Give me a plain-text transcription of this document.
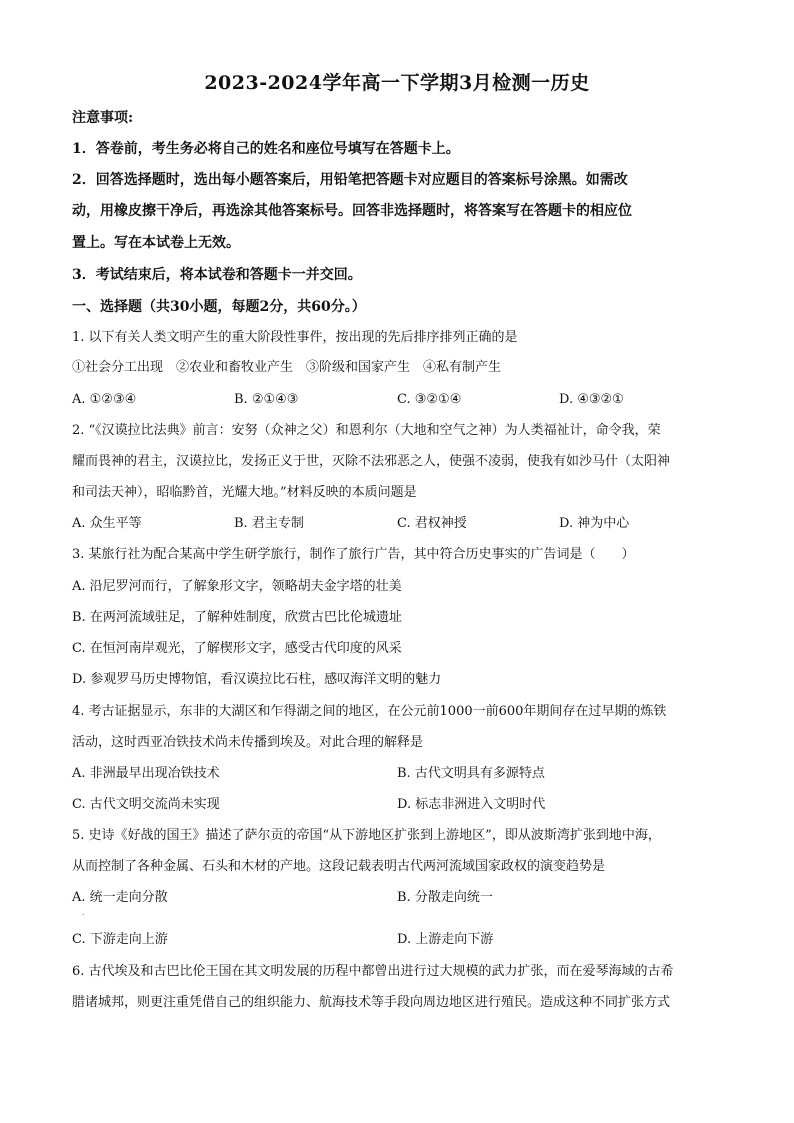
2023-2024学年高一下学期3月检测一历史
注意事项:
1．答卷前，考生务必将自己的姓名和座位号填写在答题卡上。
2．回答选择题时，选出每小题答案后，用铅笔把答题卡对应题目的答案标号涂黑。如需改
动，用橡皮擦干净后，再选涂其他答案标号。回答非选择题时，将答案写在答题卡的相应位
置上。写在本试卷上无效。
3．考试结束后，将本试卷和答题卡一并交回。
一、选择题（共30小题，每题2分，共60分。）
1. 以下有关人类文明产生的重大阶段性事件，按出现的先后排序排列正确的是
①社会分工出现　②农业和畜牧业产生　③阶级和国家产生　④私有制产生
A. ①②③④	B. ②①④③	C. ③②①④	D. ④③②①
2. “《汉谟拉比法典》前言：安努（众神之父）和恩利尔（大地和空气之神）为人类福祉计，命令我，荣
耀而畏神的君主，汉谟拉比，发扬正义于世，灭除不法邪恶之人，使强不凌弱，使我有如沙马什（太阳神
和司法天神），昭临黔首，光耀大地。”材料反映的本质问题是
A. 众生平等	B. 君主专制	C. 君权神授	D. 神为中心
3. 某旅行社为配合某高中学生研学旅行，制作了旅行广告，其中符合历史事实的广告词是（　　）
A. 沿尼罗河而行，了解象形文字，领略胡夫金字塔的壮美
B. 在两河流域驻足，了解种姓制度，欣赏古巴比伦城遗址
C. 在恒河南岸观光，了解楔形文字，感受古代印度的风采
D. 参观罗马历史博物馆，看汉谟拉比石柱，感叹海洋文明的魅力
4. 考古证据显示，东非的大湖区和乍得湖之间的地区，在公元前1000一前600年期间存在过早期的炼铁
活动，这时西亚冶铁技术尚未传播到埃及。对此合理的解释是
A. 非洲最早出现冶铁技术	B. 古代文明具有多源特点
C. 古代文明交流尚未实现	D. 标志非洲进入文明时代
5. 史诗《好战的国王》描述了萨尔贡的帝国“从下游地区扩张到上游地区”，即从波斯湾扩张到地中海，
从而控制了各种金属、石头和木材的产地。这段记载表明古代两河流域国家政权的演变趋势是
A. 统一走向分散	B. 分散走向统一
C. 下游走向上游	D. 上游走向下游
6. 古代埃及和古巴比伦王国在其文明发展的历程中都曾出进行过大规模的武力扩张，而在爱琴海域的古希
腊诸城邦，则更注重凭借自己的组织能力、航海技术等手段向周边地区进行殖民。造成这种不同扩张方式
.
